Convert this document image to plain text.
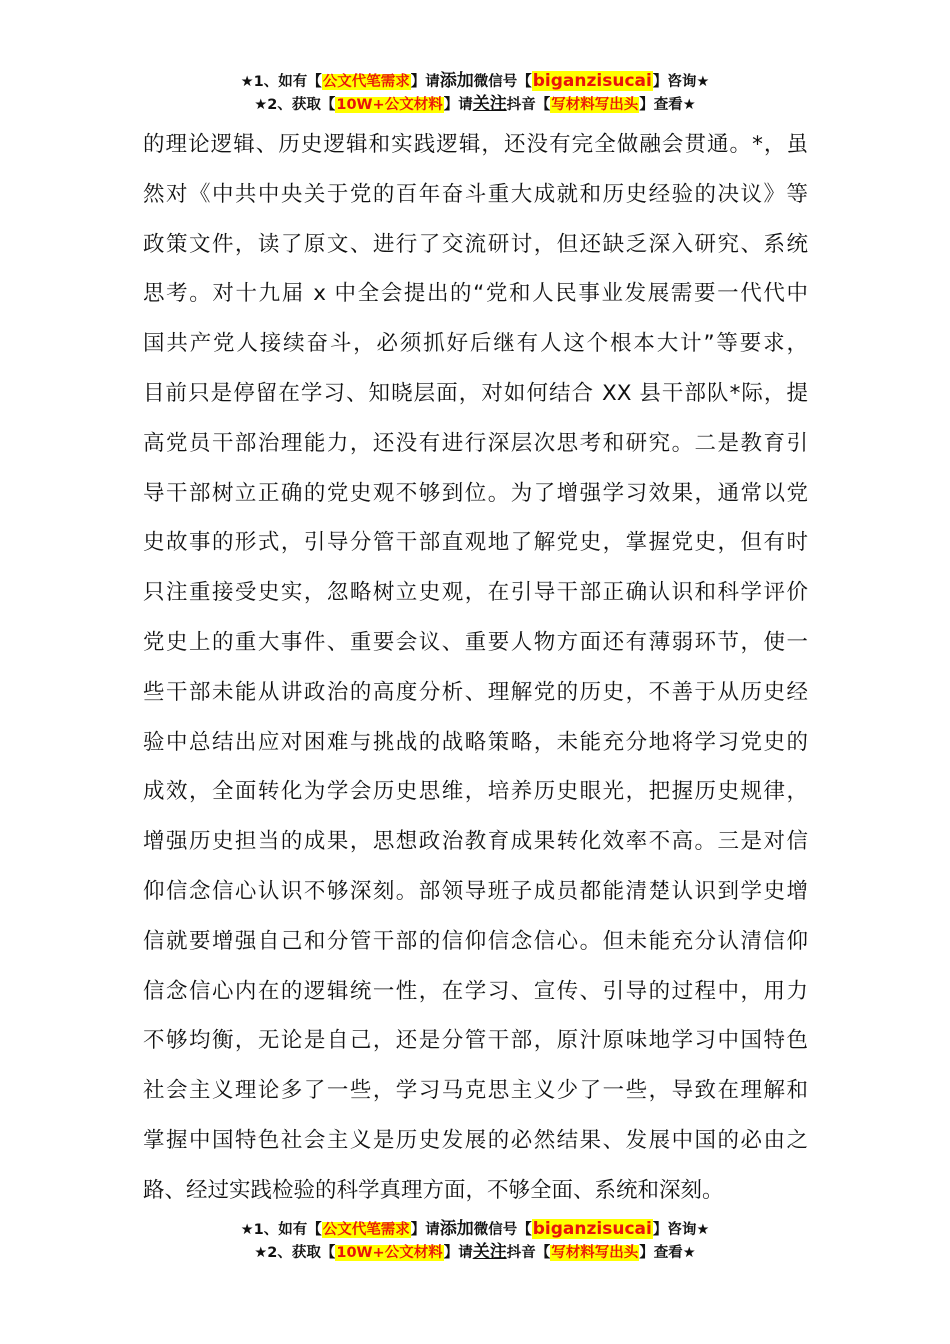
★1、如有【公文代笔需求】请添加微信号【biganzisucai】咨询★
★2、获取【10W+公文材料】请关注抖音【写材料写出头】查看★
的理论逻辑、历史逻辑和实践逻辑，还没有完全做融会贯通。*，虽
然对《中共中央关于党的百年奋斗重大成就和历史经验的决议》等
政策文件，读了原文、进行了交流研讨，但还缺乏深入研究、系统
思考。对十九届 x 中全会提出的“党和人民事业发展需要一代代中
国共产党人接续奋斗，必须抓好后继有人这个根本大计”等要求，
目前只是停留在学习、知晓层面，对如何结合 XX 县干部队*际，提
高党员干部治理能力，还没有进行深层次思考和研究。二是教育引
导干部树立正确的党史观不够到位。为了增强学习效果，通常以党
史故事的形式，引导分管干部直观地了解党史，掌握党史，但有时
只注重接受史实，忽略树立史观，在引导干部正确认识和科学评价
党史上的重大事件、重要会议、重要人物方面还有薄弱环节，使一
些干部未能从讲政治的高度分析、理解党的历史，不善于从历史经
验中总结出应对困难与挑战的战略策略，未能充分地将学习党史的
成效，全面转化为学会历史思维，培养历史眼光，把握历史规律，
增强历史担当的成果，思想政治教育成果转化效率不高。三是对信
仰信念信心认识不够深刻。部领导班子成员都能清楚认识到学史增
信就要增强自己和分管干部的信仰信念信心。但未能充分认清信仰
信念信心内在的逻辑统一性，在学习、宣传、引导的过程中，用力
不够均衡，无论是自己，还是分管干部，原汁原味地学习中国特色
社会主义理论多了一些，学习马克思主义少了一些，导致在理解和
掌握中国特色社会主义是历史发展的必然结果、发展中国的必由之
路、经过实践检验的科学真理方面，不够全面、系统和深刻。
★1、如有【公文代笔需求】请添加微信号【biganzisucai】咨询★
★2、获取【10W+公文材料】请关注抖音【写材料写出头】查看★
